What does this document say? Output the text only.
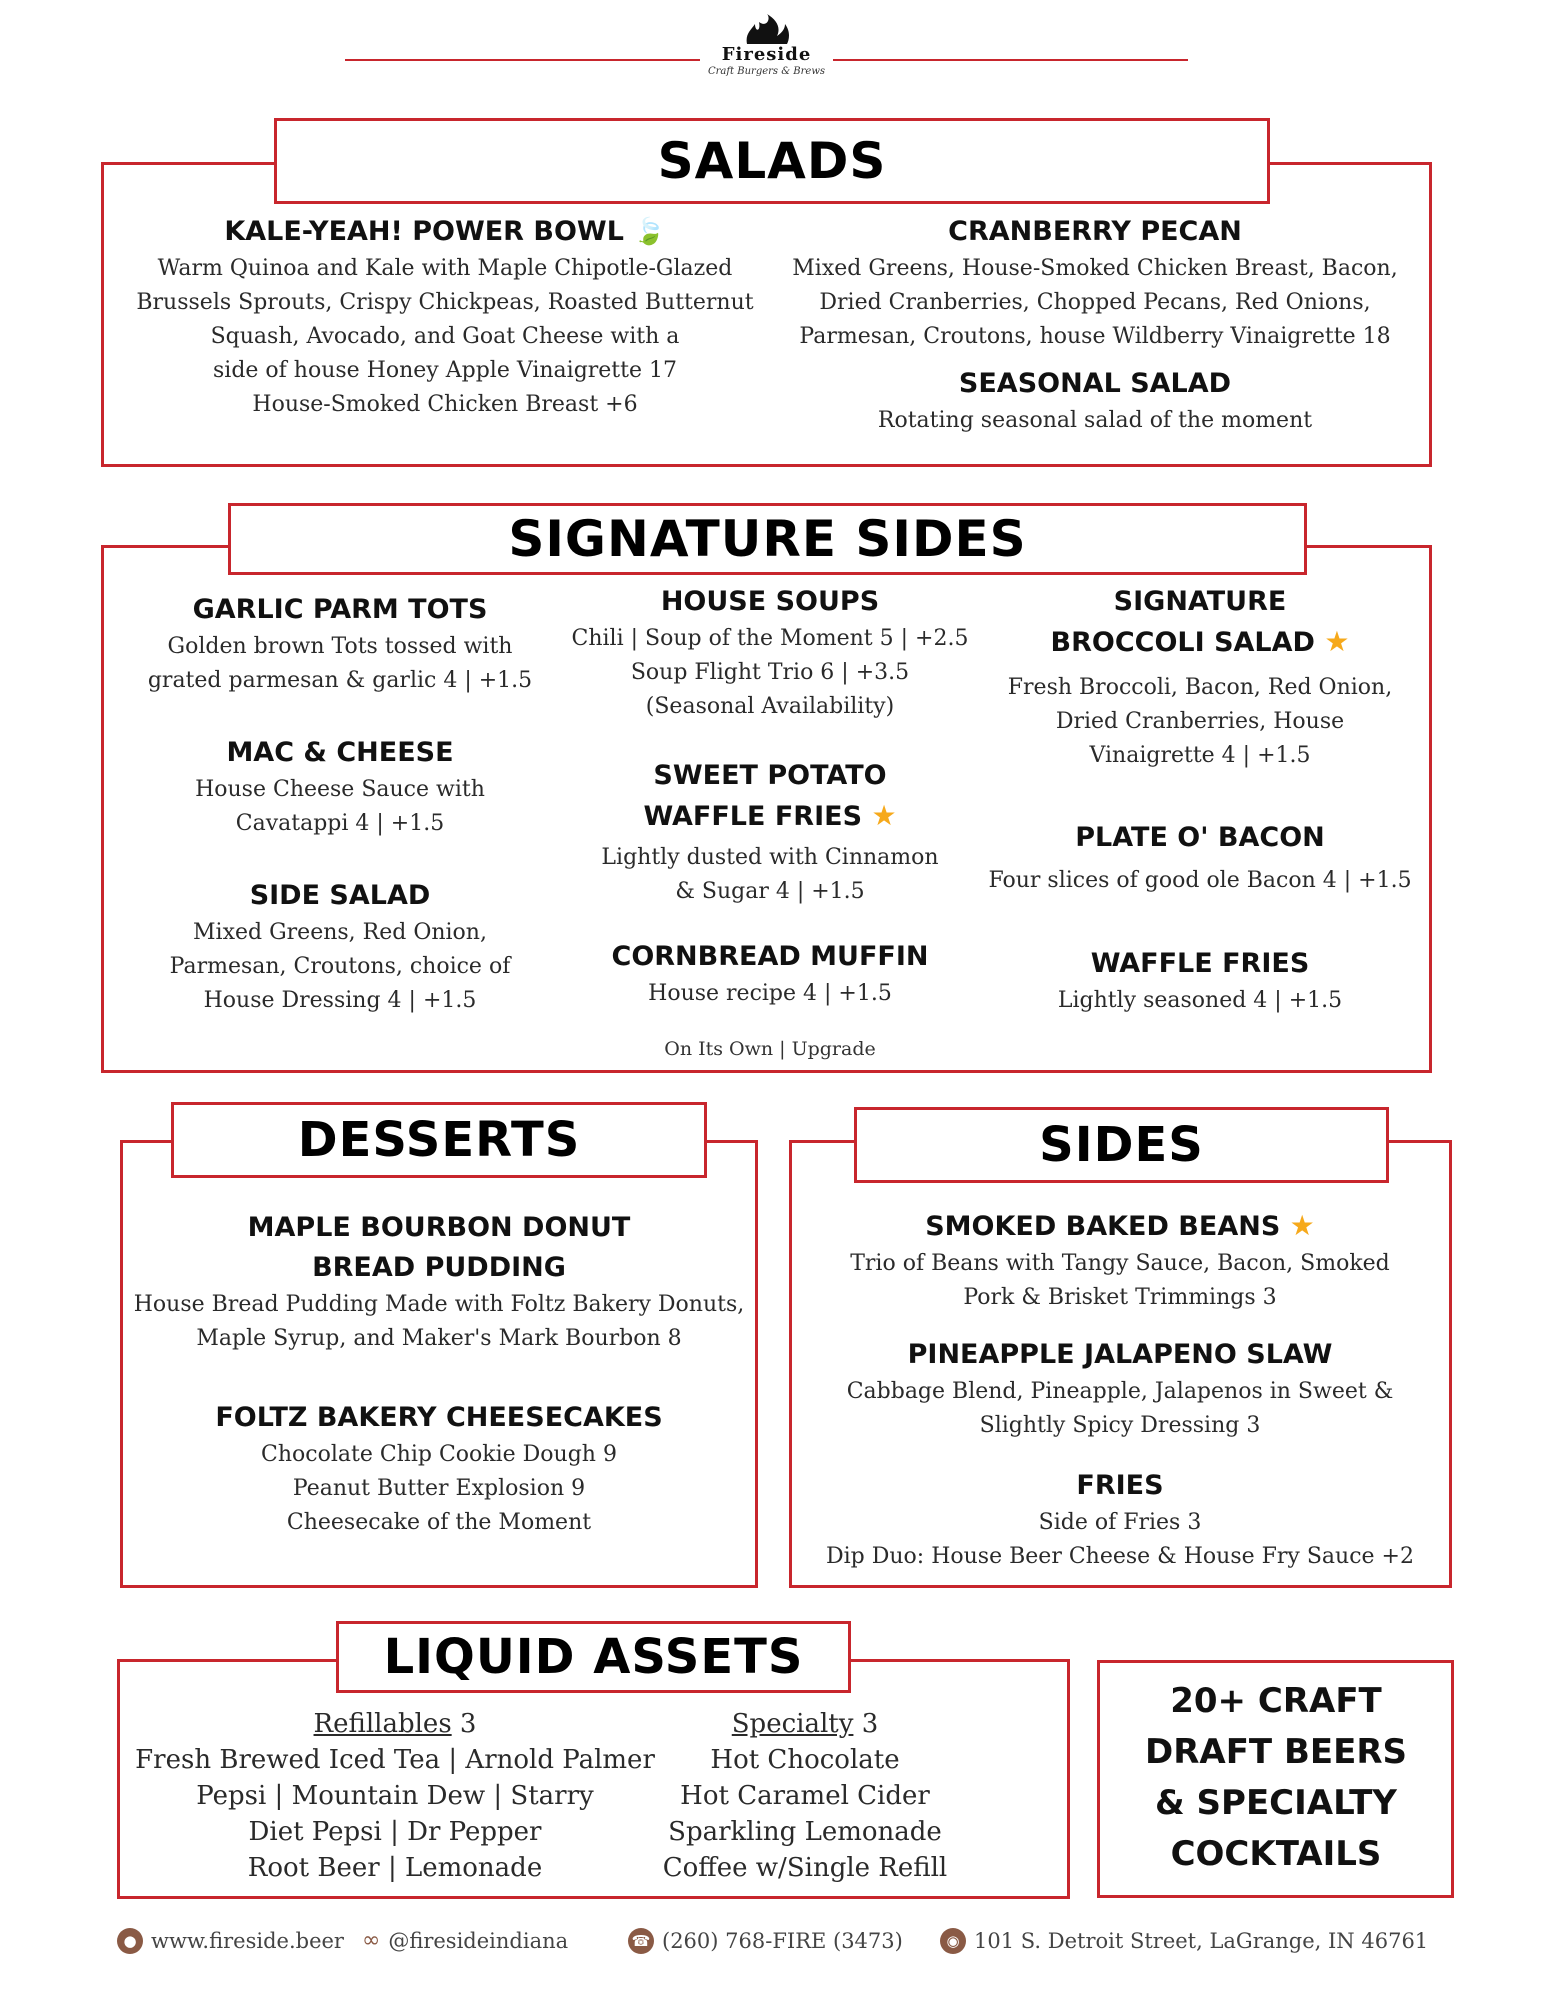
Fireside
Craft Burgers & Brews
SALADS
KALE-YEAH! POWER BOWL 🍃
Warm Quinoa and Kale with Maple Chipotle-Glazed
Brussels Sprouts, Crispy Chickpeas, Roasted Butternut
Squash, Avocado, and Goat Cheese with a
side of house Honey Apple Vinaigrette 17
House-Smoked Chicken Breast +6
CRANBERRY PECAN
Mixed Greens, House-Smoked Chicken Breast, Bacon,
Dried Cranberries, Chopped Pecans, Red Onions,
Parmesan, Croutons, house Wildberry Vinaigrette 18
SEASONAL SALAD
Rotating seasonal salad of the moment
SIGNATURE SIDES
GARLIC PARM TOTS
Golden brown Tots tossed with
grated parmesan & garlic 4 | +1.5
MAC & CHEESE
House Cheese Sauce with
Cavatappi 4 | +1.5
SIDE SALAD
Mixed Greens, Red Onion,
Parmesan, Croutons, choice of
House Dressing 4 | +1.5
HOUSE SOUPS
Chili | Soup of the Moment 5 | +2.5
Soup Flight Trio 6 | +3.5
(Seasonal Availability)
SWEET POTATO
WAFFLE FRIES ★
Lightly dusted with Cinnamon
& Sugar 4 | +1.5
CORNBREAD MUFFIN
House recipe 4 | +1.5
On Its Own | Upgrade
SIGNATURE
BROCCOLI SALAD ★
Fresh Broccoli, Bacon, Red Onion,
Dried Cranberries, House
Vinaigrette 4 | +1.5
PLATE O' BACON
Four slices of good ole Bacon 4 | +1.5
WAFFLE FRIES
Lightly seasoned 4 | +1.5
DESSERTS
MAPLE BOURBON DONUT
BREAD PUDDING
House Bread Pudding Made with Foltz Bakery Donuts,
Maple Syrup, and Maker's Mark Bourbon 8
FOLTZ BAKERY CHEESECAKES
Chocolate Chip Cookie Dough 9
Peanut Butter Explosion 9
Cheesecake of the Moment
SIDES
SMOKED BAKED BEANS ★
Trio of Beans with Tangy Sauce, Bacon, Smoked
Pork & Brisket Trimmings 3
PINEAPPLE JALAPENO SLAW
Cabbage Blend, Pineapple, Jalapenos in Sweet &
Slightly Spicy Dressing 3
FRIES
Side of Fries 3
Dip Duo: House Beer Cheese & House Fry Sauce +2
LIQUID ASSETS
Refillables 3
Fresh Brewed Iced Tea | Arnold Palmer
Pepsi | Mountain Dew | Starry
Diet Pepsi | Dr Pepper
Root Beer | Lemonade
Specialty 3
Hot Chocolate
Hot Caramel Cider
Sparkling Lemonade
Coffee w/Single Refill
20+ CRAFT
DRAFT BEERS
& SPECIALTY
COCKTAILS
● www.fireside.beer ∞ @firesideindiana	☎ (260) 768-FIRE (3473)	◉ 101 S. Detroit Street, LaGrange, IN 46761
